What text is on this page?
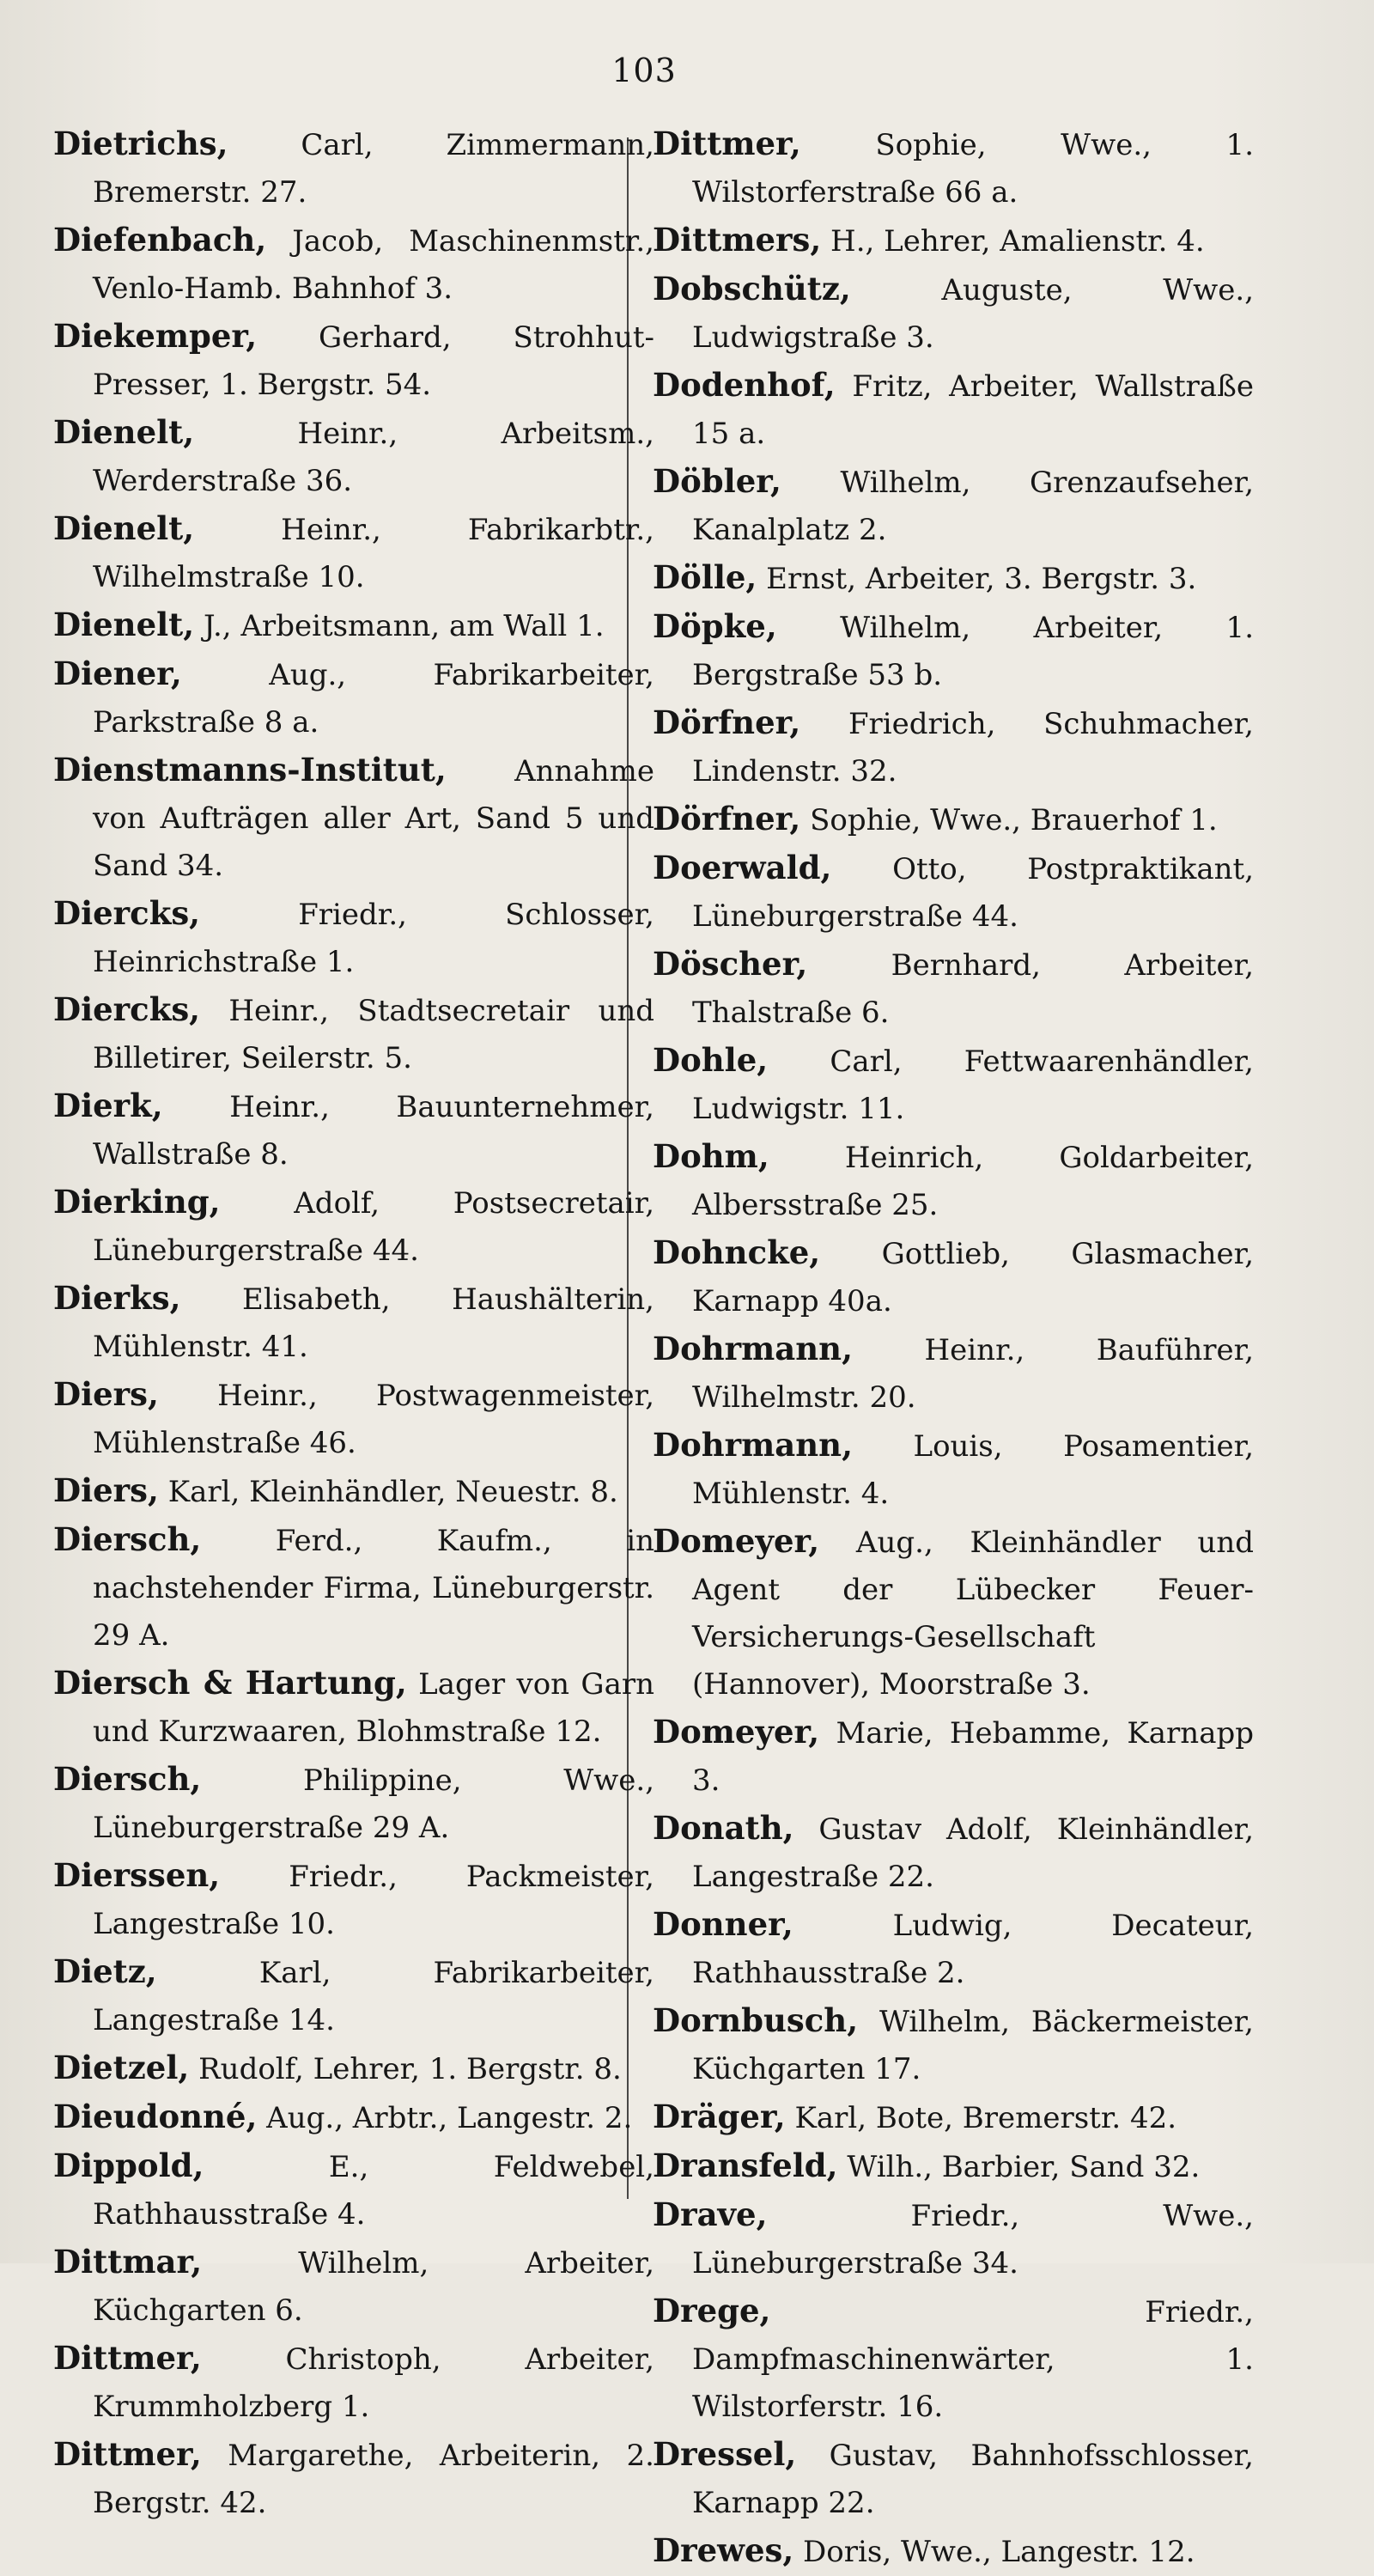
103
Dietrichs, Carl, Zimmermann, Bremerstr. 27.
Diefenbach, Jacob, Maschinenmstr., Venlo-Hamb. Bahnhof 3.
Diekemper, Gerhard, Strohhut-Presser, 1. Bergstr. 54.
Dienelt,	Heinr., Arbeitsm., Werderstraße 36.
Dienelt,	Heinr., Fabrikarbtr., Wilhelmstraße 10.
Dienelt, J., Arbeitsmann, am Wall 1.
Diener,	Aug., Fabrikarbeiter, Parkstraße 8 a.
Dienstmanns-Institut, Annahme von Aufträgen aller Art, Sand 5 und Sand 34.
Diercks,	Friedr., Schlosser, Heinrichstraße 1.
Diercks, Heinr., Stadtsecretair und Billetirer, Seilerstr. 5.
Dierk, Heinr., Bauunternehmer, Wallstraße 8.
Dierking,	Adolf, Postsecretair, Lüneburgerstraße 44.
Dierks, Elisabeth, Haushälterin, Mühlenstr. 41.
Diers, Heinr., Postwagenmeister, Mühlenstraße 46.
Diers, Karl, Kleinhändler, Neuestr. 8.
Diersch,	Ferd., Kaufm., in nachstehender Firma, Lüneburgerstr. 29 A.
Diersch & Hartung, Lager von Garn und Kurzwaaren, Blohmstraße 12.
Diersch,	Philippine, Wwe., Lüneburgerstraße 29 A.
Dierssen, Friedr., Packmeister, Langestraße 10.
Dietz,	Karl, Fabrikarbeiter, Langestraße 14.
Dietzel, Rudolf, Lehrer, 1. Bergstr. 8.
Dieudonné, Aug., Arbtr., Langestr. 2.
Dippold,	E., Feldwebel, Rathhausstraße 4.
Dittmar,	Wilhelm, Arbeiter, Küchgarten 6.
Dittmer,	Christoph, Arbeiter, Krummholzberg 1.
Dittmer, Margarethe, Arbeiterin, 2. Bergstr. 42.
Dittmer,	Sophie, Wwe., 1. Wilstorferstraße 66 a.
Dittmers, H., Lehrer, Amalienstr. 4.
Dobschütz,	Auguste, Wwe., Ludwigstraße 3.
Dodenhof, Fritz, Arbeiter, Wallstraße 15 a.
Döbler, Wilhelm, Grenzaufseher, Kanalplatz 2.
Dölle, Ernst, Arbeiter, 3. Bergstr. 3.
Döpke, Wilhelm, Arbeiter, 1. Bergstraße 53 b.
Dörfner, Friedrich, Schuhmacher, Lindenstr. 32.
Dörfner, Sophie, Wwe., Brauerhof 1.
Doerwald, Otto, Postpraktikant, Lüneburgerstraße 44.
Döscher,	Bernhard, Arbeiter, Thalstraße 6.
Dohle, Carl, Fettwaarenhändler, Ludwigstr. 11.
Dohm,	Heinrich, Goldarbeiter, Albersstraße 25.
Dohncke, Gottlieb, Glasmacher, Karnapp 40a.
Dohrmann, Heinr., Bauführer, Wilhelmstr. 20.
Dohrmann, Louis, Posamentier, Mühlenstr. 4.
Domeyer, Aug., Kleinhändler und Agent der Lübecker Feuer-Versicherungs-Gesellschaft (Hannover), Moorstraße 3.
Domeyer, Marie, Hebamme, Karnapp 3.
Donath, Gustav Adolf, Kleinhändler, Langestraße 22.
Donner,	Ludwig, Decateur, Rathhausstraße 2.
Dornbusch, Wilhelm, Bäckermeister, Küchgarten 17.
Dräger, Karl, Bote, Bremerstr. 42.
Dransfeld, Wilh., Barbier, Sand 32.
Drave,	Friedr., Wwe., Lüneburgerstraße 34.
Drege,	Friedr., Dampfmaschinenwärter, 1. Wilstorferstr. 16.
Dressel, Gustav, Bahnhofsschlosser, Karnapp 22.
Drewes, Doris, Wwe., Langestr. 12.
